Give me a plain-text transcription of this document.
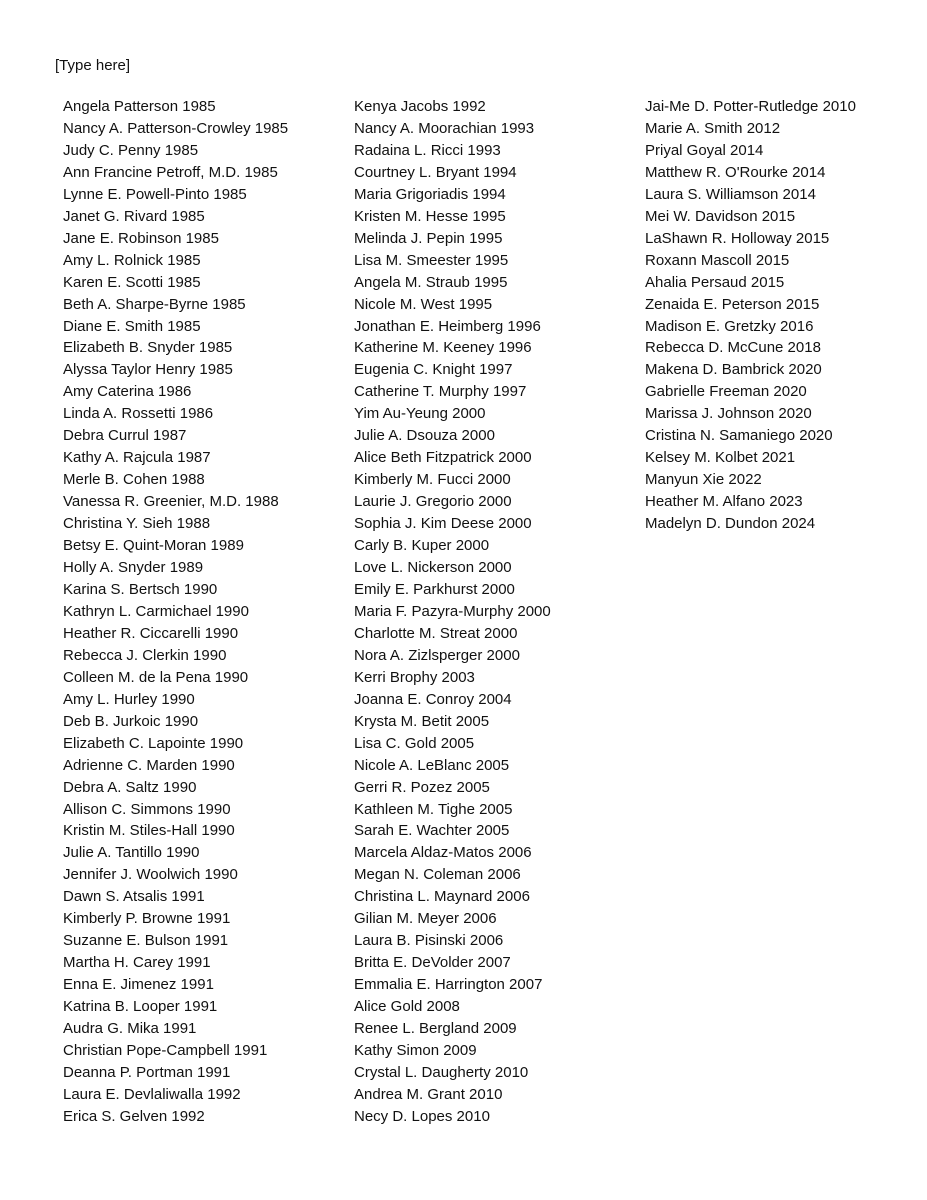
[Type here]
Angela Patterson 1985
Nancy A. Patterson-Crowley 1985
Judy C. Penny 1985
Ann Francine Petroff, M.D. 1985
Lynne E. Powell-Pinto 1985
Janet G. Rivard 1985
Jane E. Robinson 1985
Amy L. Rolnick 1985
Karen E. Scotti 1985
Beth A. Sharpe-Byrne 1985
Diane E. Smith 1985
Elizabeth B. Snyder 1985
Alyssa Taylor Henry 1985
Amy Caterina 1986
Linda A. Rossetti 1986
Debra Currul 1987
Kathy A. Rajcula 1987
Merle B. Cohen 1988
Vanessa R. Greenier, M.D. 1988
Christina Y. Sieh 1988
Betsy E. Quint-Moran 1989
Holly A. Snyder 1989
Karina S. Bertsch 1990
Kathryn L. Carmichael 1990
Heather R. Ciccarelli 1990
Rebecca J. Clerkin 1990
Colleen M. de la Pena 1990
Amy L. Hurley 1990
Deb B. Jurkoic 1990
Elizabeth C. Lapointe 1990
Adrienne C. Marden 1990
Debra A. Saltz 1990
Allison C. Simmons 1990
Kristin M. Stiles-Hall 1990
Julie A. Tantillo 1990
Jennifer J. Woolwich 1990
Dawn S. Atsalis 1991
Kimberly P. Browne 1991
Suzanne E. Bulson 1991
Martha H. Carey 1991
Enna E. Jimenez 1991
Katrina B. Looper 1991
Audra G. Mika 1991
Christian Pope-Campbell 1991
Deanna P. Portman 1991
Laura E. Devlaliwalla 1992
Erica S. Gelven 1992
Kenya Jacobs 1992
Nancy A. Moorachian 1993
Radaina L. Ricci 1993
Courtney L. Bryant 1994
Maria Grigoriadis 1994
Kristen M. Hesse 1995
Melinda J. Pepin 1995
Lisa M. Smeester 1995
Angela M. Straub 1995
Nicole M. West 1995
Jonathan E. Heimberg 1996
Katherine M. Keeney 1996
Eugenia C. Knight 1997
Catherine T. Murphy 1997
Yim Au-Yeung 2000
Julie A. Dsouza 2000
Alice Beth Fitzpatrick 2000
Kimberly M. Fucci 2000
Laurie J. Gregorio 2000
Sophia J. Kim Deese 2000
Carly B. Kuper 2000
Love L. Nickerson 2000
Emily E. Parkhurst 2000
Maria F. Pazyra-Murphy 2000
Charlotte M. Streat 2000
Nora A. Zizlsperger 2000
Kerri Brophy 2003
Joanna E. Conroy 2004
Krysta M. Betit 2005
Lisa C. Gold 2005
Nicole A. LeBlanc 2005
Gerri R. Pozez 2005
Kathleen M. Tighe 2005
Sarah E. Wachter 2005
Marcela Aldaz-Matos 2006
Megan N. Coleman 2006
Christina L. Maynard 2006
Gilian M. Meyer 2006
Laura B. Pisinski 2006
Britta E. DeVolder 2007
Emmalia E. Harrington 2007
Alice Gold 2008
Renee L. Bergland 2009
Kathy Simon 2009
Crystal L. Daugherty 2010
Andrea M. Grant 2010
Necy D. Lopes 2010
Jai-Me D. Potter-Rutledge 2010
Marie A. Smith 2012
Priyal Goyal 2014
Matthew R. O'Rourke 2014
Laura S. Williamson 2014
Mei W. Davidson 2015
LaShawn R. Holloway 2015
Roxann Mascoll 2015
Ahalia Persaud 2015
Zenaida E. Peterson 2015
Madison E. Gretzky 2016
Rebecca D. McCune 2018
Makena D. Bambrick 2020
Gabrielle Freeman 2020
Marissa J. Johnson 2020
Cristina N. Samaniego 2020
Kelsey M. Kolbet 2021
Manyun Xie 2022
Heather M. Alfano 2023
Madelyn D. Dundon 2024
